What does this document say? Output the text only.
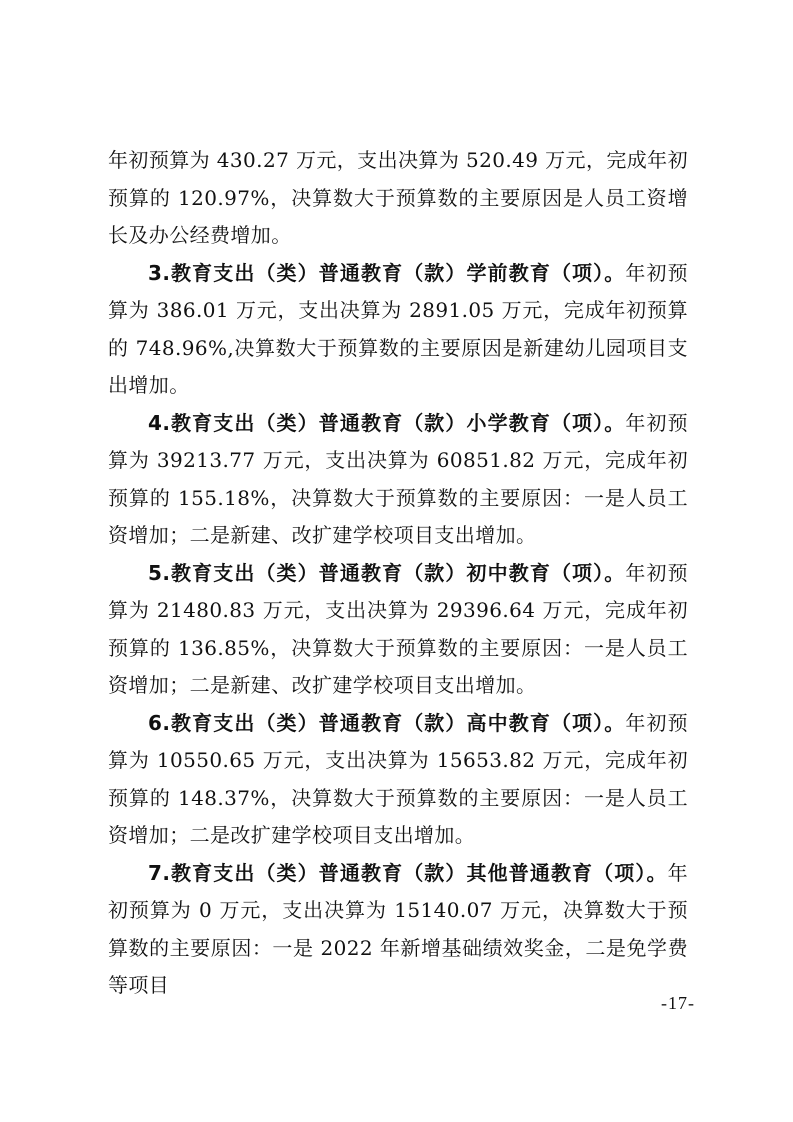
年初预算为 430.27 万元，支出决算为 520.49 万元，完成年初预算的 120.97%，决算数大于预算数的主要原因是人员工资增长及办公经费增加。

3.教育支出（类）普通教育（款）学前教育（项）。年初预算为 386.01 万元，支出决算为 2891.05 万元，完成年初预算的 748.96%,决算数大于预算数的主要原因是新建幼儿园项目支出增加。

4.教育支出（类）普通教育（款）小学教育（项）。年初预算为 39213.77 万元，支出决算为 60851.82 万元，完成年初预算的 155.18%，决算数大于预算数的主要原因：一是人员工资增加；二是新建、改扩建学校项目支出增加。

5.教育支出（类）普通教育（款）初中教育（项）。年初预算为 21480.83 万元，支出决算为 29396.64 万元，完成年初预算的 136.85%，决算数大于预算数的主要原因：一是人员工资增加；二是新建、改扩建学校项目支出增加。

6.教育支出（类）普通教育（款）高中教育（项）。年初预算为 10550.65 万元，支出决算为 15653.82 万元，完成年初预算的 148.37%，决算数大于预算数的主要原因：一是人员工资增加；二是改扩建学校项目支出增加。

7.教育支出（类）普通教育（款）其他普通教育（项）。年初预算为 0 万元，支出决算为 15140.07 万元，决算数大于预算数的主要原因：一是 2022 年新增基础绩效奖金，二是免学费等项目

-17-
